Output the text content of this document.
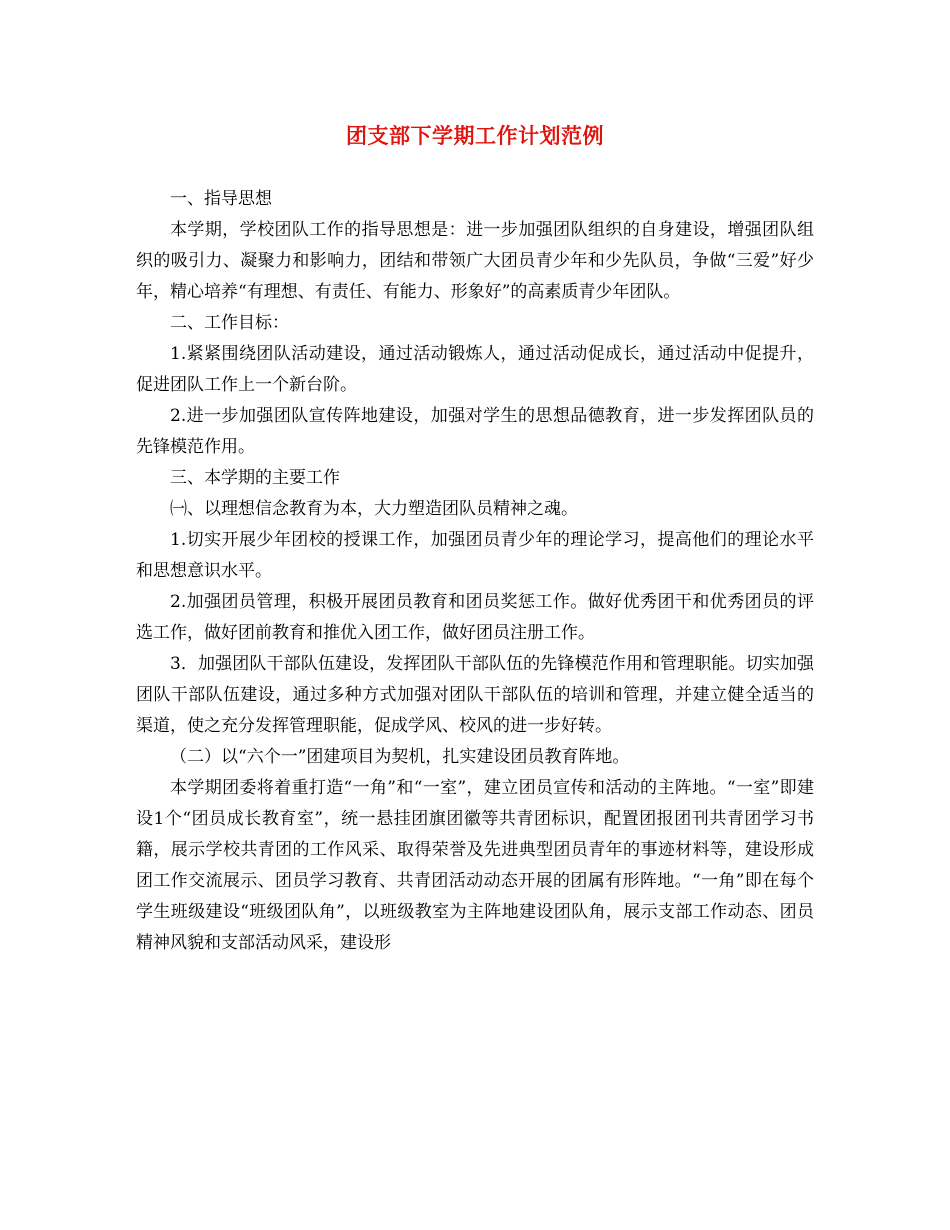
团支部下学期工作计划范例

一、指导思想

本学期，学校团队工作的指导思想是：进一步加强团队组织的自身建设，增强团队组织的吸引力、凝聚力和影响力，团结和带领广大团员青少年和少先队员，争做“三爱”好少年，精心培养“有理想、有责任、有能力、形象好”的高素质青少年团队。

二、工作目标：

1.紧紧围绕团队活动建设，通过活动锻炼人，通过活动促成长，通过活动中促提升，促进团队工作上一个新台阶。

2.进一步加强团队宣传阵地建设，加强对学生的思想品德教育，进一步发挥团队员的先锋模范作用。

三、本学期的主要工作

㈠、以理想信念教育为本，大力塑造团队员精神之魂。

1.切实开展少年团校的授课工作，加强团员青少年的理论学习，提高他们的理论水平和思想意识水平。

2.加强团员管理，积极开展团员教育和团员奖惩工作。做好优秀团干和优秀团员的评选工作，做好团前教育和推优入团工作，做好团员注册工作。

3．加强团队干部队伍建设，发挥团队干部队伍的先锋模范作用和管理职能。切实加强团队干部队伍建设，通过多种方式加强对团队干部队伍的培训和管理，并建立健全适当的渠道，使之充分发挥管理职能，促成学风、校风的进一步好转。

（二）以“六个一”团建项目为契机，扎实建设团员教育阵地。

本学期团委将着重打造“一角”和“一室”，建立团员宣传和活动的主阵地。“一室”即建设1个“团员成长教育室”，统一悬挂团旗团徽等共青团标识，配置团报团刊共青团学习书籍，展示学校共青团的工作风采、取得荣誉及先进典型团员青年的事迹材料等，建设形成团工作交流展示、团员学习教育、共青团活动动态开展的团属有形阵地。“一角”即在每个学生班级建设“班级团队角”，以班级教室为主阵地建设团队角，展示支部工作动态、团员精神风貌和支部活动风采，建设形
